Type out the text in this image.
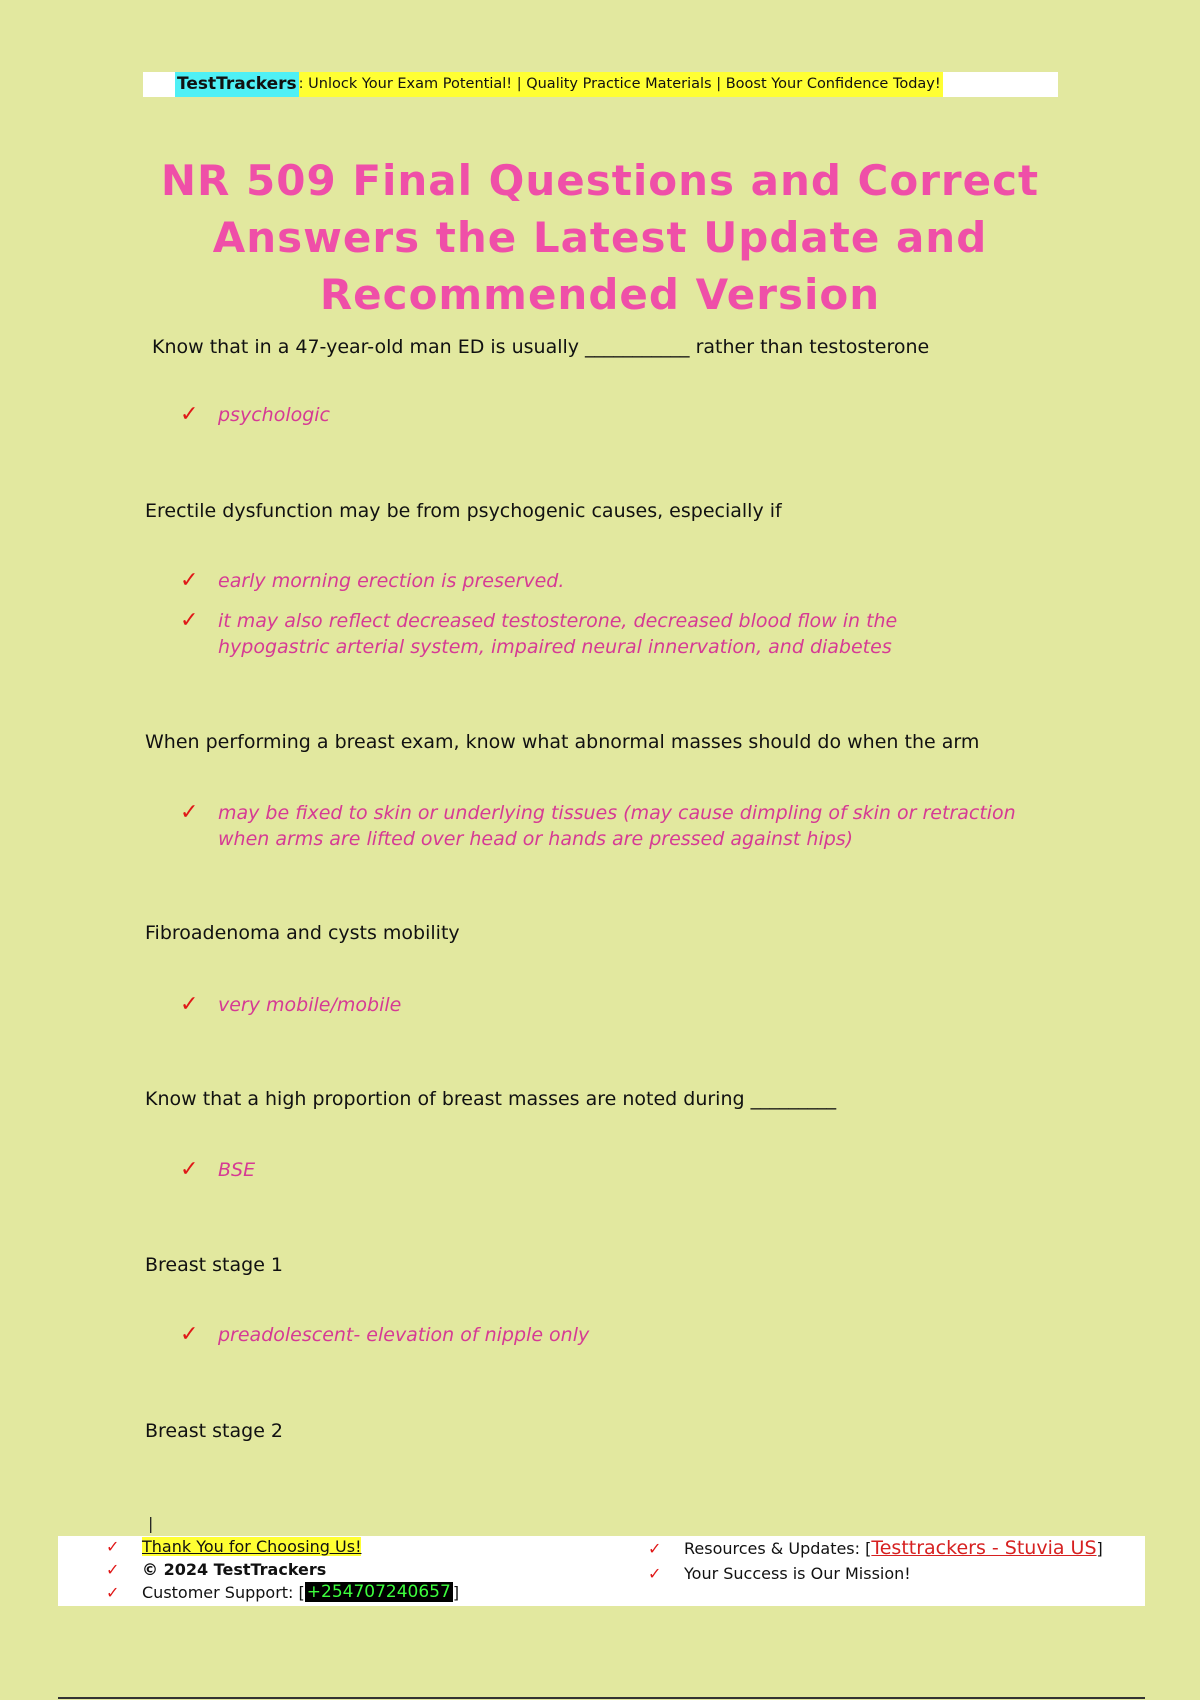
TestTrackers : Unlock Your Exam Potential! | Quality Practice Materials | Boost Your Confidence Today!
NR 509 Final Questions and Correct
Answers the Latest Update and
Recommended Version
Know that in a 47-year-old man ED is usually ___________ rather than testosterone
✓	psychologic
Erectile dysfunction may be from psychogenic causes, especially if
✓	early morning erection is preserved.
✓	it may also reflect decreased testosterone, decreased blood flow in the hypogastric arterial system, impaired neural innervation, and diabetes
When performing a breast exam, know what abnormal masses should do when the arm
✓	may be fixed to skin or underlying tissues (may cause dimpling of skin or retraction when arms are lifted over head or hands are pressed against hips)
Fibroadenoma and cysts mobility
✓	very mobile/mobile
Know that a high proportion of breast masses are noted during _________
✓	BSE
Breast stage 1
✓	preadolescent- elevation of nipple only
Breast stage 2
|
✓	Thank You for Choosing Us!
✓	© 2024 TestTrackers
✓	Customer Support: [ +254707240657 ]
✓	Resources & Updates: [ Testtrackers - Stuvia US ]
✓	Your Success is Our Mission!
